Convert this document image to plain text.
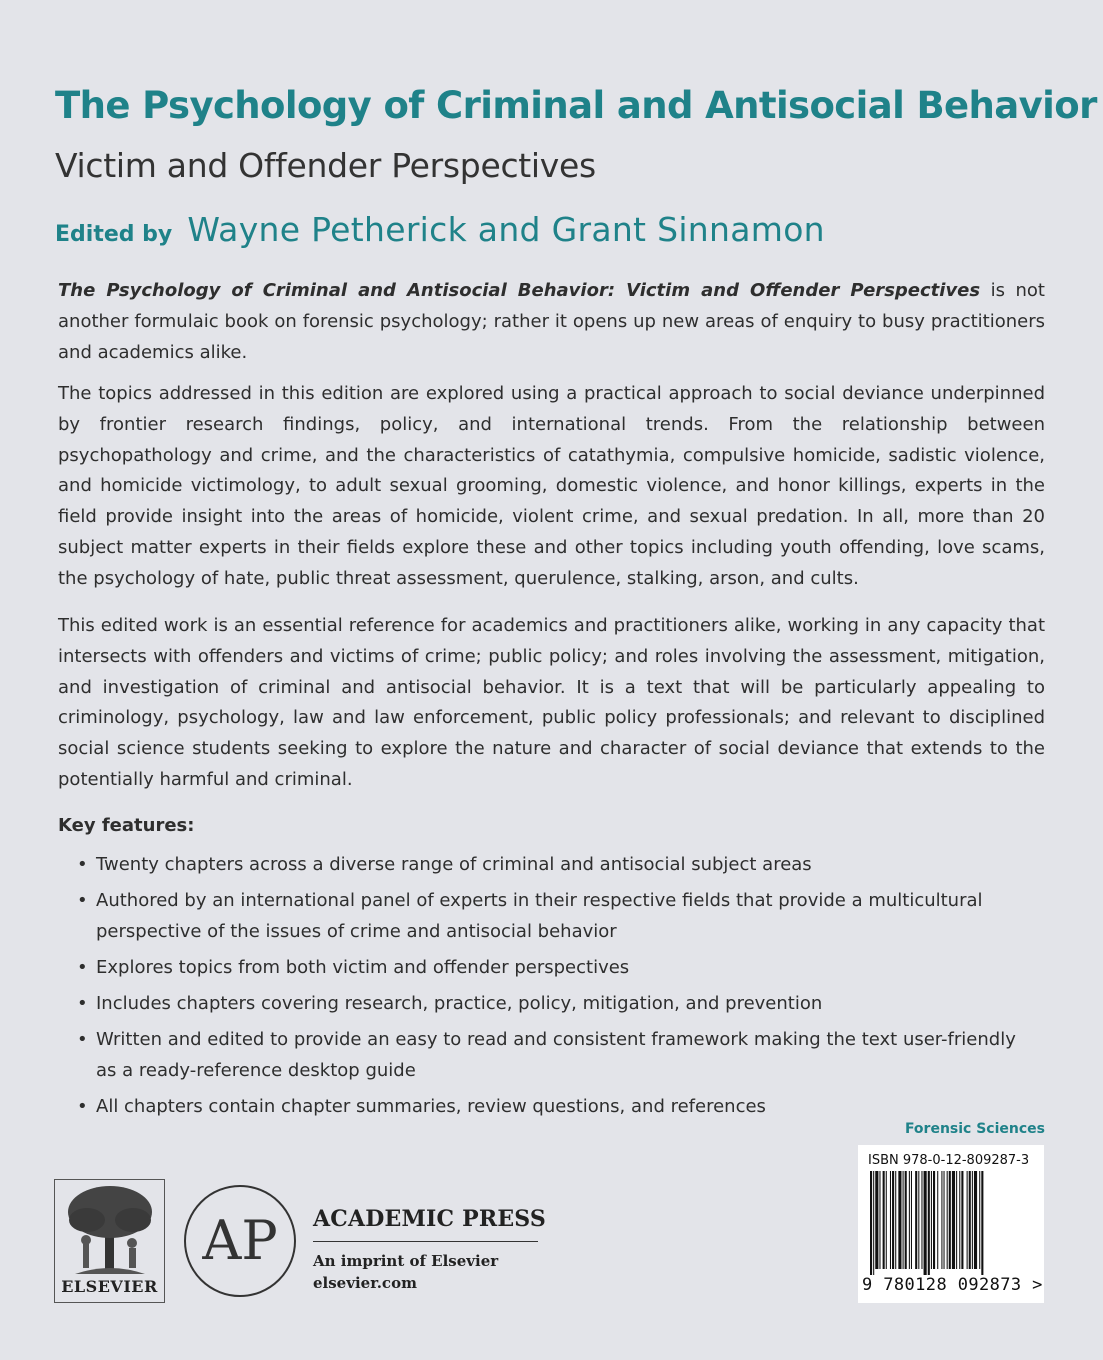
The Psychology of Criminal and Antisocial Behavior
Victim and Offender Perspectives
Edited by Wayne Petherick and Grant Sinnamon

The Psychology of Criminal and Antisocial Behavior: Victim and Offender Perspectives is not another formulaic book on forensic psychology; rather it opens up new areas of enquiry to busy practitioners and academics alike.

The topics addressed in this edition are explored using a practical approach to social deviance underpinned by frontier research findings, policy, and international trends. From the relationship between psychopathology and crime, and the characteristics of catathymia, compulsive homicide, sadistic violence, and homicide victimology, to adult sexual grooming, domestic violence, and honor killings, experts in the field provide insight into the areas of homicide, violent crime, and sexual predation. In all, more than 20 subject matter experts in their fields explore these and other topics including youth offending, love scams, the psychology of hate, public threat assessment, querulence, stalking, arson, and cults.

This edited work is an essential reference for academics and practitioners alike, working in any capacity that intersects with offenders and victims of crime; public policy; and roles involving the assessment, mitigation, and investigation of criminal and antisocial behavior. It is a text that will be particularly appealing to criminology, psychology, law and law enforcement, public policy professionals; and relevant to disciplined social science students seeking to explore the nature and character of social deviance that extends to the potentially harmful and criminal.

Key features:
• Twenty chapters across a diverse range of criminal and antisocial subject areas
• Authored by an international panel of experts in their respective fields that provide a multicultural perspective of the issues of crime and antisocial behavior
• Explores topics from both victim and offender perspectives
• Includes chapters covering research, practice, policy, mitigation, and prevention
• Written and edited to provide an easy to read and consistent framework making the text user-friendly as a ready-reference desktop guide
• All chapters contain chapter summaries, review questions, and references
Forensic Sciences
ISBN 978-0-12-809287-3
9 780128 092873 >
ELSEVIER
AP ACADEMIC PRESS
An imprint of Elsevier
elsevier.com
